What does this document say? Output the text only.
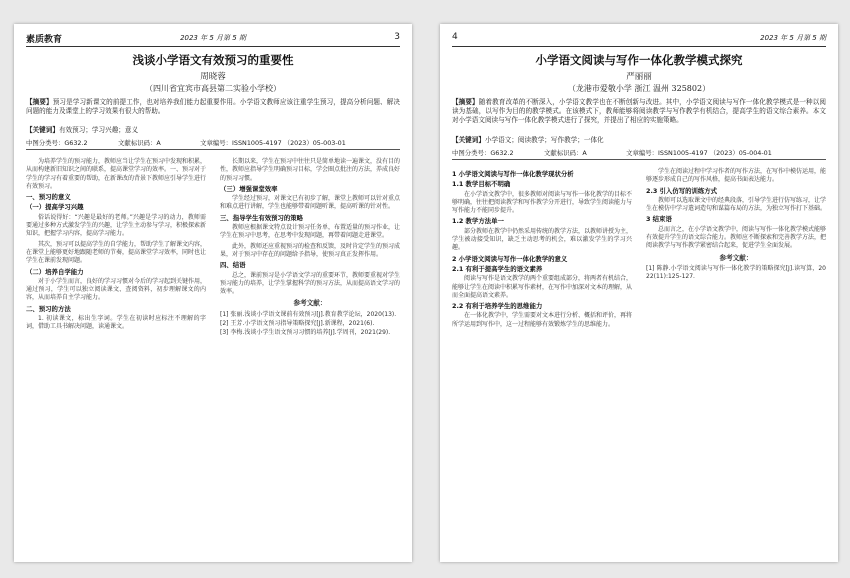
素质教育	2023 年 5 月第 5 期	3
浅谈小学语文有效预习的重要性
周晓蓉
（四川省宜宾市高县第二实验小学校）
【摘要】预习是学习新课文的前提工作，也对培养我们能力起重要作用。小学语文教师应该注重学生预习，提高分析问题、解决问题的能力及课堂上的学习效果有很大的帮助。
【关键词】有效预习；学习兴趣；意义
中图分类号：G632.2	文献标识码：A	文章编号：ISSN1005-4197 （2023）05-003-01

为培养学生的预习能力，教师应当让学生在预习中发现和积累，从而构建新旧知识之间的联系，提高课堂学习的效率。一、预习对于学生的学习有着重要的帮助，在新课改的背景下教师应引导学生进行有效预习。

一、预习的意义
（一）提高学习兴趣

俗话说得好：“兴趣是最好的老师。”兴趣是学习的动力，教师需要通过多种方式激发学生的兴趣，让学生主动参与学习，积极探索新知识，把握学习内容，提高学习能力。

其次，预习可以提高学生的自学能力，帮助学生了解课文内容，在课堂上能够更好地跟随老师的节奏，提高课堂学习效率，同时也让学生在课前发现问题。

（二）培养自学能力

对于小学生而言，良好的学习习惯对今后的学习起到关键作用，通过预习，学生可以独立阅读课文、查阅资料，初步理解课文的内容，从而培养自主学习能力。

二、预习的方法

1. 初读课文，标出生字词。学生在初读时应标注不理解的字词，借助工具书解决问题，读通课文。

长期以来，学生在预习中往往只是简单地读一遍课文，没有目的性，教师应指导学生明确预习目标，学会圈点批注的方法，养成良好的预习习惯。

（三）增强课堂效率

学生经过预习，对课文已有初步了解，课堂上教师可以针对重点和难点进行讲解，学生也能够带着问题听课，提高听课的针对性。

三、指导学生有效预习的策略

教师应根据课文特点设计预习任务单，布置适量的预习作业，让学生在预习中思考，在思考中发现问题，再带着问题走进课堂。

此外，教师还应重视预习的检查和反馈，及时肯定学生的预习成果，对于预习中存在的问题给予指导，使预习真正发挥作用。

四、结语

总之，课前预习是小学语文学习的重要环节，教师要重视对学生预习能力的培养，让学生掌握科学的预习方法，从而提高语文学习的效率。

参考文献：

[1] 张丽.浅谈小学语文课前有效预习[J].教育教学论坛，2020(13).

[2] 王芳.小学语文预习指导策略探究[J].新课程，2021(6).

[3] 李梅.浅谈小学生语文预习习惯的培养[J].学周刊，2021(29).

4	2023 年 5 月第 5 期
小学语文阅读与写作一体化教学模式探究
严丽丽
（龙港市爱敬小学 浙江 温州 325802）
【摘要】随着教育改革的不断深入，小学语文教学也在不断创新与改进。其中，小学语文阅读与写作一体化教学模式是一种以阅读为基础，以写作为目的的教学模式。在该模式下，教师能够将阅读教学与写作教学有机结合，提高学生的语文综合素养。本文对小学语文阅读与写作一体化教学模式进行了探究，并提出了相应的实施策略。
【关键词】小学语文；阅读教学；写作教学；一体化
中图分类号：G632.2	文献标识码：A	文章编号：ISSN1005-4197 （2023）05-004-01
1 小学语文阅读与写作一体化教学现状分析
1.1 教学目标不明确

在小学语文教学中，很多教师对阅读与写作一体化教学的目标不够明确，往往把阅读教学和写作教学分开进行，导致学生阅读能力与写作能力不能同步提升。

1.2 教学方法单一

部分教师在教学中仍然采用传统的教学方法，以教师讲授为主，学生被动接受知识，缺乏主动思考的机会，难以激发学生的学习兴趣。

2 小学语文阅读与写作一体化教学的意义
2.1 有利于提高学生的语文素养

阅读与写作是语文教学的两个重要组成部分，将两者有机结合，能够让学生在阅读中积累写作素材，在写作中加深对文本的理解，从而全面提高语文素养。

2.2 有利于培养学生的思维能力

在一体化教学中，学生需要对文本进行分析、概括和评价，再将所学运用到写作中，这一过程能够有效锻炼学生的思维能力。

学生在阅读过程中学习作者的写作方法，在写作中模仿运用，能够逐步形成自己的写作风格，提高书面表达能力。

2.3 引入仿写的训练方式

教师可以选取课文中的经典段落，引导学生进行仿写练习，让学生在模仿中学习遣词造句和谋篇布局的方法，为独立写作打下基础。

3 结束语

总而言之，在小学语文教学中，阅读与写作一体化教学模式能够有效提升学生的语文综合能力。教师应不断探索和完善教学方法，把阅读教学与写作教学紧密结合起来，促进学生全面发展。

参考文献：

[1] 陈静.小学语文阅读与写作一体化教学的策略探究[J].读写算，2022(11):125-127.
